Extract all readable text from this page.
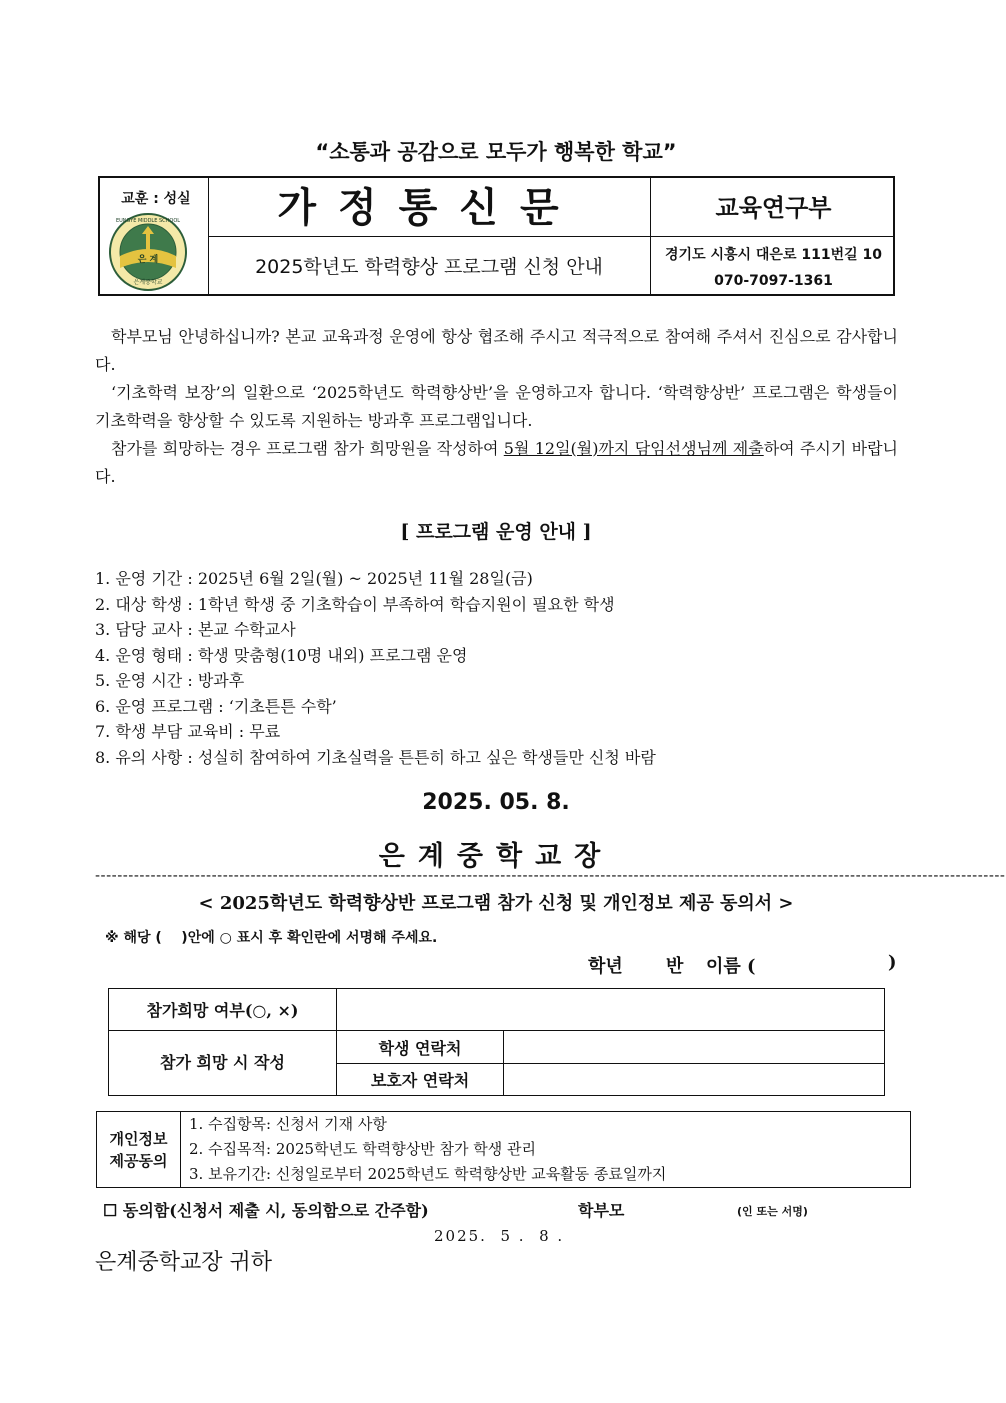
“소통과 공감으로 모두가 행복한 학교”
교훈 : 성실
은 계
은계중학교
EUNGYE MIDDLE SCHOOL	가정통신문
2025학년도 학력향상 프로그램 신청 안내
교육연구부
경기도 시흥시 대은로 111번길 10
070-7097-1361

학부모님 안녕하십니까? 본교 교육과정 운영에 항상 협조해 주시고 적극적으로 참여해 주셔서 진심으로 감사합니다.

‘기초학력 보장’의 일환으로 ‘2025학년도 학력향상반’을 운영하고자 합니다. ‘학력향상반’ 프로그램은 학생들이 기초학력을 향상할 수 있도록 지원하는 방과후 프로그램입니다.

참가를 희망하는 경우 프로그램 참가 희망원을 작성하여 5월 12일(월)까지 담임선생님께 제출하여 주시기 바랍니다.

[ 프로그램 운영 안내 ]
1. 운영 기간 : 2025년 6월 2일(월) ~ 2025년 11월 28일(금)
2. 대상 학생 : 1학년 학생 중 기초학습이 부족하여 학습지원이 필요한 학생
3. 담당 교사 : 본교 수학교사
4. 운영 형태 : 학생 맞춤형(10명 내외) 프로그램 운영
5. 운영 시간 : 방과후
6. 운영 프로그램 : ‘기초튼튼 수학’
7. 학생 부담 교육비 : 무료
8. 유의 사항 : 성실히 참여하여 기초실력을 튼튼히 하고 싶은 학생들만 신청 바람
2025. 05. 8.
은계중학교장
--------------------------------------------------------------------------------------------------------------------------------------------------------------------
< 2025학년도 학력향상반 프로그램 참가 신청 및 개인정보 제공 동의서 >
※ 해당 (    )안에 ○ 표시 후 확인란에 서명해 주세요.
학년 반 이름 (	)
참가희망 여부(○, ×)		

참가 희망 시 작성	학생 연락처	
	보호자 연락처	
개인정보 제공동의

1. 수집항목: 신청서 기재 사항
2. 수집목적: 2025학년도 학력향상반 참가 학생 관리
3. 보유기간: 신청일로부터 2025학년도 학력향상반 교육활동 종료일까지
☐ 동의함(신청서 제출 시, 동의함으로 간주함)	학부모	(인 또는 서명)
2025.  5 .  8 .
은계중학교장 귀하
